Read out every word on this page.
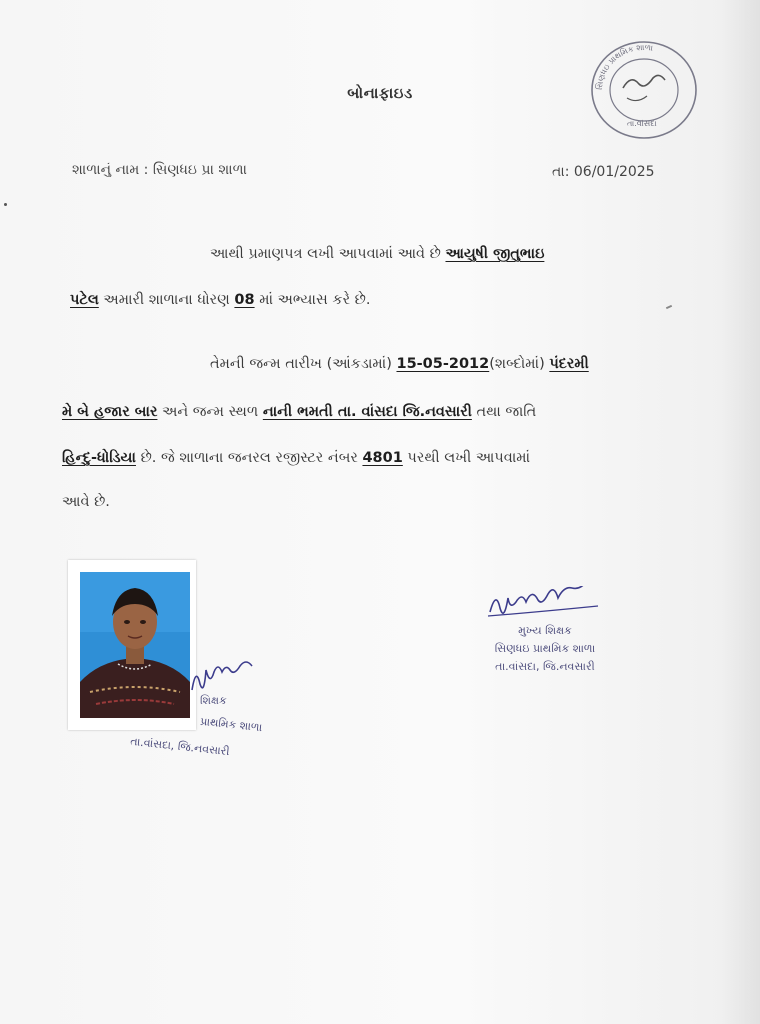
સિણધઇ પ્રાથમિક શાળા
તા.વાંસદા
બોનાફાઇડ
શાળાનું નામ : સિણધઇ પ્રા શાળા	તા: 06/01/2025
આથી પ્રમાણપત્ર લખી આપવામાં આવે છે આયુષી જીતુભાઇ
પટેલ અમારી શાળાના ધોરણ 08 માં અભ્યાસ કરે છે.
તેમની જન્મ તારીખ (આંકડામાં) 15-05-2012(શબ્દોમાં) પંદરમી
મે બે હજાર બાર અને જન્મ સ્થળ નાની ભમતી તા. વાંસદા જિ.નવસારી તથા જાતિ
હિન્દુ-ધોડિયા છે. જે શાળાના જનરલ રજીસ્ટર નંબર 4801 પરથી લખી આપવામાં
આવે છે.
મુખ્ય શિક્ષક
સિણધઇ પ્રાથમિક શાળા
તા.વાંસદા, જિ.નવસારી
શિક્ષક
પ્રાથમિક શાળા
તા.વાંસદા, જિ.નવસારી
